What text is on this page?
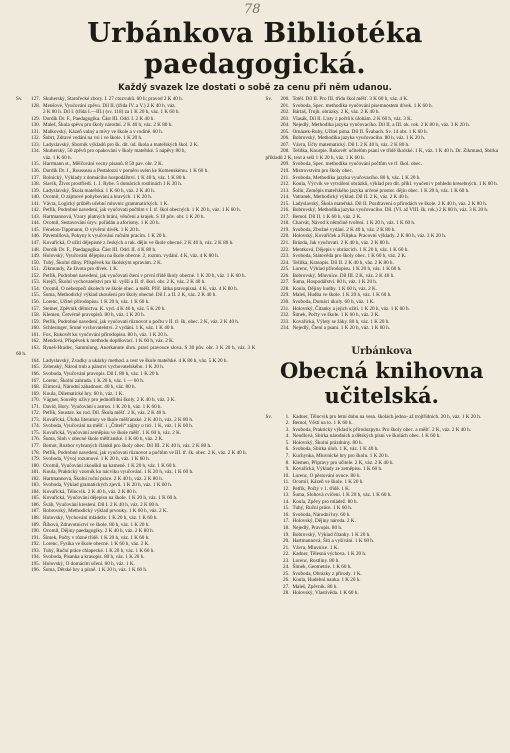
78
Urbánkova Bibliotéka paedagogická.
Každý svazek lze dostati o sobě za cenu při něm udanou.
Sv. 127. Skuherský, Starořecké zbory. I. 27 ctozvuků. 60 h; pravod 2 K 40 h.
128. Menšové, Vyučování zpěvu. Díl II. (třída IV. a V.) 2 K 40 h, váz.
2 K 80 h. Díl I. (třída I.—III.) (sv. 118) za 1 K 20 h, váz. 1 K 60 h.
129. Dordík Dr. F., Paedagogika. Část III. Odd. I. 2 K 40 h.
130. Maleš, Škola spěvu pro školy národní. 2 K 40 h, váz. 2 K 80 h.
131. Malkovský, Kázeň valný a mívy ve škole a v rodině. 60 h.
132. Šubrt, Zdravé vedání na vsi i ve škole. 1 K 20 h.
133. Ladyslavský, Sborník výkladů pro šk. dít. úd. škola a mateřských škol. 2 K.
134. Skuherský, 50 zpěvů pro opakování v školy mateřské. 5 nápěvy 80 h,
váz. 1 K 60 h.
135. Harrmann st., Mělčování vecny pisanů. 8 50 pav. obr. 2 K.
136. Dordík Dr. J., Rousseau a Pestalozzi v poměru svém ke Komenskému. 1 K 60 h.
137. Rolnický, Výklady z domácího hospodářství. 1 K 40 h, váz. 1 K 80 h.
138. Slavík, Život prostříedí. 1. J. Rybe. 5 domácích rostlinách 1 K 20 h.
139. Ladyslavský, Škola mateřská. 1 K 60 h, váz. 2 K 40 h.
140. Ocomil, O zájmové pohybování a hravých. 1 K 20 h.
141. Vávra, Logický průběh učební mluvnic grammatických. 1 K.
142. Petřík, Podrobné navedení, jak vyučovati počtům v I. tř. škol obecných. 1 K 20 h, váz. 1 K 60 h.
143. Hartmannová, Vzory platných brání, věnčení a krajek. S 10 pův. obr. 1 K 20 h.
144. Ocomil, Sestavování úryv. pořádán a aforismy. 1 K 20 h.
145. Fénelon-Tippmann, O vývěrní dívěk. 1 K 20 h.
146. Pavemillová, Pokyny k vyučování ručním pracím. 1 K 20 h.
147. Kovařícká, O užití dějepisné z českých a rak. dějin ve škole obecné. 2 K 40 h, váz. 2 K 80 h.
148. Dordík Dr. F., Paedagogika. Část III. Odd. II. 4 K 80 h.
149. Holovský, Vyučování dějepisu na škole obecné. 2, rozmn. vydání. 4 K, váz. 4 K 80 h.
150. Tuhý, Školní dílny. Příspěvek ku školským opravám. 2 K.
151. Zikmundy, Ze života pro dívek. 1 K.
152. Petřík, Podrobné navedení, jak vyučovati čtení v první třídě školy obecné. 1 K 20 h, váz. 1 K 60 h.
153. Krejčí, Školní vychovatelství pro kl. vyšší a II. tř. škol. obr. 2 K, váz. 2 K 40 h.
154. Ocomil, O nebezpečí úkolech ve škole obec. a měšt. Příč. látka pravopisná. 4 K, váz. 4 K 80 h.
155. Šuma, Methodický výklad zkoušení pro školy obecné. Díl I. a II. 2 K, váz. 2 K 40 h.
156. Lorenc, Učitel přírodopisu. 1 K 20 h, váz. 1 K 60 h.
157. Steiner, Zpěvník dělnictva. K. vyd. 4 K 40 h, váz. 5 K 20 h.
158. Klemen, Četvérně pravopisů. 80 h, váz. 1 K 20 h.
159. Petřík, Podrobné navedení, jak vyučovati různovot u počtu v II. tř. šk. obec. 2 K, váz. 2 K 40 h.
160. Schlesinger, Sruné vychovatelství. 2 vydání. 1 K, váz. 1 K 40 h.
161. Fox, Rukovět ku vyučování přírodopisu. 80 h, váz. 1 K 20 h.
162. Mendová, Příspěvek k methodu doplňovací. 1 K 60 h, váz. 2 K.
163. Ryneš-Hradec, Sammlung. Anerkannte úhrn. praví pravouce slova. S 30 pův. obr. 3 K 20 h, váz. 3 K 60 h.
164. Ladyslavský, Zvadky a ukázky method. a cest ve škole mateřské. 4 K 80 h, váz. 5 K 20 h.
165. Zelenský, Národ trub a pánství vychovatelského. 1 K 20 h.
166. Svoboda, Vyučování pravopis. Díl I. 80 h, váz. 1 K 20 h.
167. Lorenc, Školní zahrada. 1 K 20 h, váz. 1 — 60 h.
168. Elimová, Národní záhadnost. 40 h, váz. 80 h.
169. Koula, Dilematické hry. 60 h, váz. 1 K.
170. Vágner, Souvěty užívy pro jednotřídní školy. 2 K 40 h, váz. 3 K.
171. David, Hory. Vyučování s astron. 1 K 20 h, váz. 1 K 60 h.
172. Petřík, Soustav. ku rod. Díl. Škola měšť. 2 K, váz. 2 K 40 h.
173. Kovařícká, Úloha literatury ve škole měšťanské. 2 K 40 h, váz. 2 K 80 h.
174. Svoboda, Vyučování na měšť. i „Čtiteli“ zájmy o tíci. 1 K, váz. 1 K 60 h.
175. Kovařícká, Vyučování zeměpisu ve škole měšť. 1 K 60 h, váz. 2 K.
176. Šuma, Sloh v obecné škole měšťanské. 1 K 60 h, váz. 2 K.
177. Bemot, Rozbor vybraných článků pro školy obec. Díl III. 2 K 40 h, váz. 2 K 80 h.
178. Petřík, Podrobné navedení, jak vyučovati různovot a počtům ve III. tř. šk. obec. 2 K, váz. 2 K 40 h.
179. Svoboda, Vývoj rozumové. 1 K 20 h, váz. 1 K 60 h.
180. Ocomil, Vyučování zkoušků na kameně. 1 K 20 h, váz. 1 K 60 h.
181. Koula, Praktický vzorník ku nácviku vyučování. 1 K 20 h, váz. 1 K 60 h.
182. Hartmannová, Školní ruční práce. 2 K 40 h, váz. 2 K 80 h.
183. Svoboda, Výklad gramatických zjevů. 1 K 20 h, váz. 1 K 60 h.
184. Kovařícká, Tělocvik. 2 K 40 h, váz. 2 K 80 h.
185. Kovařícká, Vyučování dějepisu na škole. 1 K 20 h, váz. 1 K 60 h.
186. Šváb, Vyučování kreslení. Díl I. 2 K 40 h, váz. 2 K 80 h.
187. Bobrovský, Methodický výklad prvouky. 1 K 60 h, váz. 2 K.
188. Holovský, Vychování mládeže. 1 K 20 h, váz. 1 K 60 h.
189. Říhová, Zdravotnictví ve škole. 80 h, váz. 1 K 20 h.
190. Ocomil, Dějiny paedagogiky. 2 K 40 h, váz. 2 K 80 h.
191. Šimek, Počty v různé třídě. 1 K 20 h, váz. 1 K 60 h.
192. Lorenc, Fysika ve škole obecné. 1 K 60 h, váz. 2 K.
193. Tuhý, Ruční práce chlapecké. 1 K 20 h, váz. 1 K 60 h.
194. Svoboda, Písanka a krasopis. 80 h, váz. 1 K 20 h.
195. Holovský, O domácím učení. 60 h, váz. 1 K.
196. Šuma, Dětské hry a písně. 1 K 20 h, váz. 1 K 60 h.
Sv. 200. Totěl. Díl II. Pro III. třídu škol měšť. 3 K 60 h, váz. 4 K.
201. Svoboda, Spec. methodika vyučování písemnostem dívek. 1 K 60 h.
202. Bártaš, Trojh. obrázky. 2 K, váz. 2 K 40 h.
203. Vlasák, Díl II. Listy z počtů k úlohám. 2 K 60 h, váz. 3 K.
204. Nejedlý, Methodika jazyka vyučovacího. Díl II. a III. ok. rok. 2 K 80 h, váz. 3 K 20 h.
205. Ornázek-Ruby, Učitel píma. Díl II. Švabach. Sv. 14 obr. 1 K 60 h.
206. Bobrovský, Methodika jazyka vyučovacího. 80 h, váz. 1 K 20 h.
207. Vávra, Účty matematický. Díl I. 2 K 40 h, váz. 2 K 80 h.
208. Tešilka, Knurpie. Rukověť učitelům psaní ve třídě školské. 1 K, váz. 1 K 40 h. Dr. Zikmund, Sbírka příkladů 2 K, text a seši 1 K 20 h, váz. 1 K 60 h.
209. Svoboda, Spec. methodika vyučování počtům ve tř. škol. obec.
210. Mistrovstvím pro školy obec.
211. Svoboda, Methodika jazyka vyučovacího. 80 h, váz. 1 K 20 h.
212. Koula, Výcvik ve vytváření obrázků, výklad pro dít. příkl. vyučení v pohledu kresebných. 1 K 60 h.
213. Šolín, Zeměpis mateřského jazyka určené prostor. dějin obec. 1 K 20 h, váz. 1 K 60 h.
214. Vatranek, Methodický výklad. Díl II. 2 K, váz. 2 K 40 h.
215. Ladyslavský, Škola mateřská. Díl II. Pozdravení o přírodách ve škole. 2 K 40 h, váz. 2 K 80 h.
216. Bobrovský, Methodika jazyka vyučovacího. Díl. (VI. až VIII. šk. rok.) 2 K 80 h, váz. 3 K 20 h.
217. Bemol. Díl II. 1 K 60 h, váz. 2 K.
218. Charvát, Návod k němčině tvoření. 1 K 20 h, váz. 1 K 60 h.
219. Svoboda, Zbožné vydání. 2 K 40 h, váz. 2 K 80 h.
220. Holovský, Kovaříček a Filipka. Pracovní výklady. 2 K 80 h, váz. 3 K 20 h.
221. Brázda, Jak vyučovati. 2 K 40 h, váz. 2 K 80 h.
222. Mentková, Dějepis v obrázcích. 1 K 20 h, váz. 1 K 60 h.
223. Svoboda, Státověda pro školy obec. 1 K 60 h, váz. 2 K.
224. Tešilka, Krasopis. Díl II. 2 K 40 h, váz. 2 K 80 h.
225. Lorenc, Výklad přírodopisu. 1 K 20 h, váz. 1 K 60 h.
226. Bobrovský, Mluvnice. Díl III. 2 K, váz. 2 K 40 h.
227. Šuma, Hospodářství. 80 h, váz. 1 K 20 h.
228. Koula, Dějiny hudby. 1 K 60 h, váz. 2 K.
229. Maleš, Hudba ve škole. 1 K 20 h, váz. 1 K 60 h.
230. Svoboda, Domácí úkoly. 60 h, váz. 1 K.
231. Holovský, Čítanky a jejich užití. 1 K 20 h, váz. 1 K 60 h.
232. Šimek, Počty ve škole. 1 K 60 h, váz. 2 K.
233. Kovařícká, Výlety se žáky. 80 h, váz. 1 K 20 h.
234. Nejedlý, Čtení a psaní. 1 K 20 h, váz. 1 K 60 h.
Urbánkova
Obecná knihovna učitelská.
Sv.	1. Kadner, Tělocvik pro letní dobu na vesn. školách jedno- až trojtřídních. 20 h, váz. 1 K 20 h.
2. Bemol, Věstí na to. 1 K 60 h.
3. Svoboda, Praktický výklad k přírodozpytu. Pro školy obec. a měšť. 2 K, váz. 2 K 40 h.
4. Nendlová, Sbírka národních a dětských písní ve školách obec. 1 K 60 h.
5. Holovský, Školní prázdniny. 80 h.
6. Svoboda, Sbírka úloh. 1 K, váz. 1 K 40 h.
7. Kuchynka, Mluvnické hry pro školu. 1 K 20 h.
8. Klemen, Přípravy pro učitele. 2 K, váz. 2 K 40 h.
9. Kovařícká, Výklady ze zeměpisu. 1 K 60 h.
10. Lorenc, O pěstování ovoce. 80 h.
11. Ocomil, Kázeň ve škole. 1 K 20 h.
12. Petřík, Počty v 1. třídě. 1 K.
13. Šuma, Slohová cvičení. 1 K 20 h, váz. 1 K 60 h.
14. Koula, Zpěvy pro mládež. 80 h.
15. Tuhý, Ruční práce. 1 K 60 h.
16. Svoboda, Národní hry. 60 h.
17. Holovský, Dějiny národa. 2 K.
18. Nejedlý, Pravopis. 80 h.
19. Bobrovský, Výklad čítanky. 1 K 20 h.
20. Hartmannová, Šití a vyšívání. 1 K 60 h.
21. Vávra, Mluvnice. 1 K.
22. Kadner, Tělesná výchova. 1 K 20 h.
23. Lorenc, Rostliny. 80 h.
24. Šimek, Geometrie. 1 K 60 h.
25. Svoboda, Obrázky z přírody. 1 K.
26. Koula, Hudební nauka. 1 K 20 h.
27. Maleš, Zpěvník. 80 h.
28. Holovský, Vlastivěda. 1 K 60 h.
